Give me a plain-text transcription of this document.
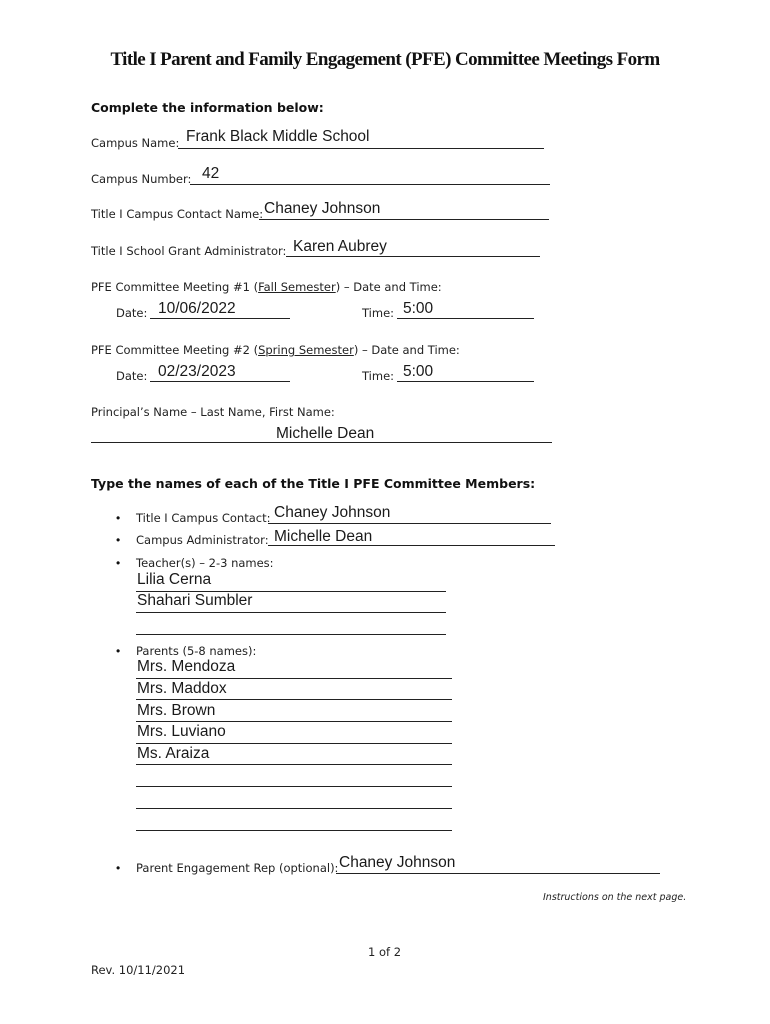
Title I Parent and Family Engagement (PFE) Committee Meetings Form
Complete the information below:
Campus Name: Frank Black Middle School
Campus Number: 42
Title I Campus Contact Name: Chaney Johnson
Title I School Grant Administrator: Karen Aubrey
PFE Committee Meeting #1 (Fall Semester) – Date and Time:
Date: 10/06/2022	Time: 5:00
PFE Committee Meeting #2 (Spring Semester) – Date and Time:
Date: 02/23/2023	Time: 5:00
Principal’s Name – Last Name, First Name:
Michelle Dean
Type the names of each of the Title I PFE Committee Members:
• Title I Campus Contact: Chaney Johnson
• Campus Administrator: Michelle Dean
• Teacher(s) – 2-3 names:
Lilia Cerna
Shahari Sumbler
• Parents (5-8 names):
Mrs. Mendoza
Mrs. Maddox
Mrs. Brown
Mrs. Luviano
Ms. Araiza
• Parent Engagement Rep (optional): Chaney Johnson
Instructions on the next page.
1 of 2
Rev. 10/11/2021
